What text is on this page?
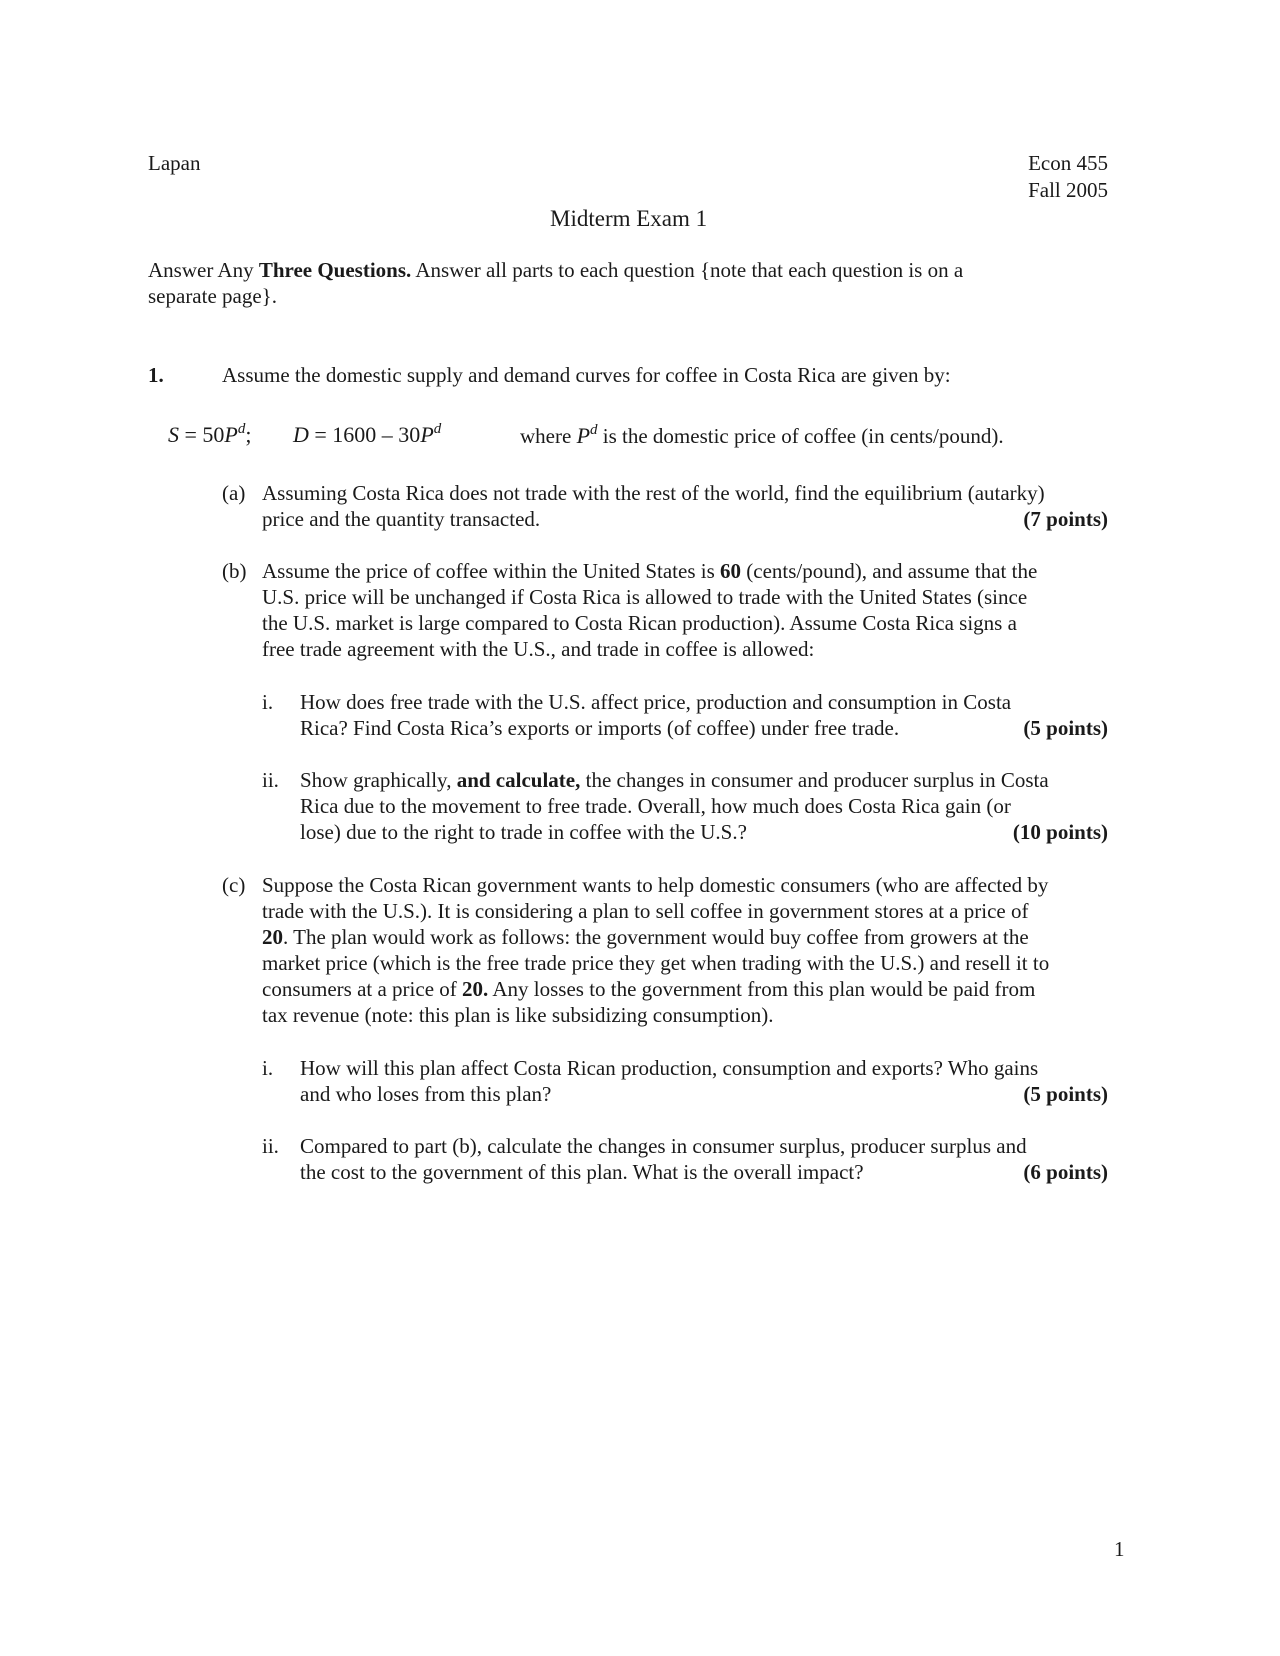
Lapan	Econ 455
Fall 2005
Midterm Exam 1
Answer Any Three Questions. Answer all parts to each question {note that each question is on a
separate page}.
1.	Assume the domestic supply and demand curves for coffee in Costa Rica are given by:
$S = 50P^d$; $D = 1600 - 30P^d$	where $P^d$ is the domestic price of coffee (in cents/pound).
(a) Assuming Costa Rica does not trade with the rest of the world, find the equilibrium (autarky)
price and the quantity transacted.	(7 points)
(b) Assume the price of coffee within the United States is 60 (cents/pound), and assume that the
U.S. price will be unchanged if Costa Rica is allowed to trade with the United States (since
the U.S. market is large compared to Costa Rican production). Assume Costa Rica signs a
free trade agreement with the U.S., and trade in coffee is allowed:
i. How does free trade with the U.S. affect price, production and consumption in Costa
Rica? Find Costa Rica’s exports or imports (of coffee) under free trade.	(5 points)
ii. Show graphically, and calculate, the changes in consumer and producer surplus in Costa
Rica due to the movement to free trade. Overall, how much does Costa Rica gain (or
lose) due to the right to trade in coffee with the U.S.?	(10 points)
(c) Suppose the Costa Rican government wants to help domestic consumers (who are affected by
trade with the U.S.). It is considering a plan to sell coffee in government stores at a price of
20. The plan would work as follows: the government would buy coffee from growers at the
market price (which is the free trade price they get when trading with the U.S.) and resell it to
consumers at a price of 20. Any losses to the government from this plan would be paid from
tax revenue (note: this plan is like subsidizing consumption).
i. How will this plan affect Costa Rican production, consumption and exports? Who gains
and who loses from this plan?	(5 points)
ii. Compared to part (b), calculate the changes in consumer surplus, producer surplus and
the cost to the government of this plan. What is the overall impact?	(6 points)
1
